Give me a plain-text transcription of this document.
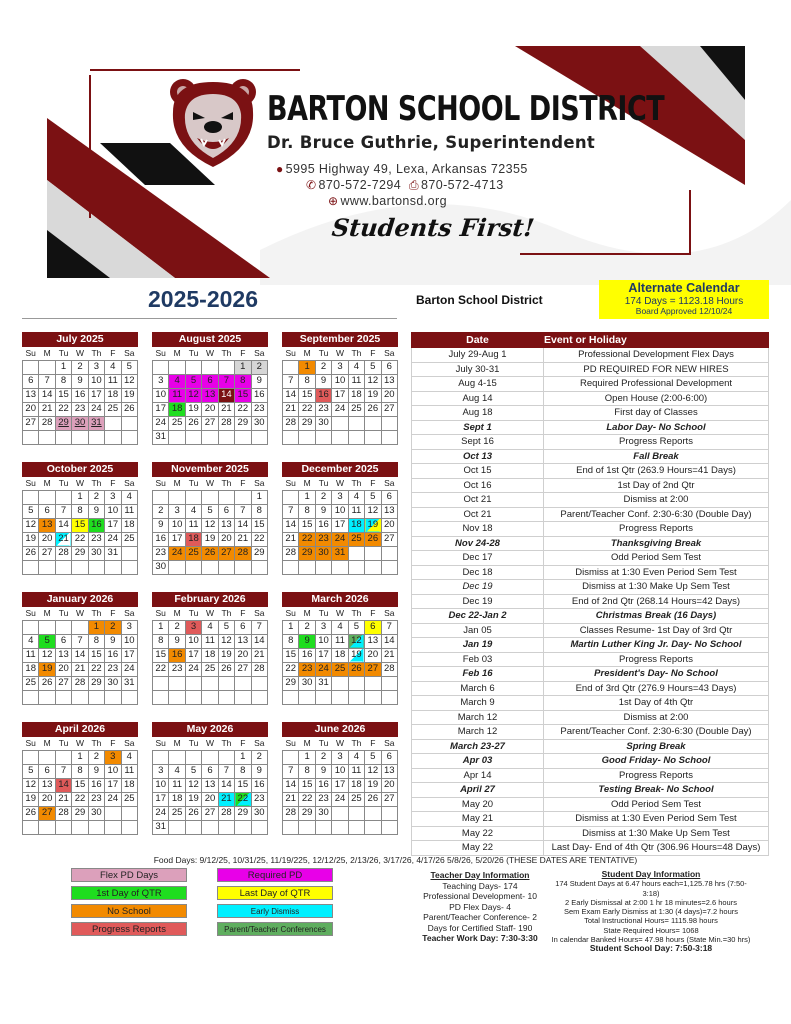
BARTON SCHOOL DISTRICT
Dr. Bruce Guthrie, Superintendent
● 5995 Highway 49, Lexa, Arkansas 72355
✆ 870-572-7294 ⎙ 870-572-4713
⊕ www.bartonsd.org
Students First!
2025-2026	Barton School District
Alternate Calendar
174 Days = 1123.18 Hours
Board Approved 12/10/24
July 2025
Su	M	Tu	W	Th	F	Sa
		1	2	3	4	5
6	7	8	9	10	11	12
13	14	15	16	17	18	19
20	21	22	23	24	25	26
27	28	29	30	31		

August 2025
Su	M	Tu	W	Th	F	Sa
					1	2
3	4	5	6	7	8	9
10	11	12	13	14	15	16
17	18	19	20	21	22	23
24	25	26	27	28	29	30
31						
September 2025
Su	M	Tu	W	Th	F	Sa
	1	2	3	4	5	6
7	8	9	10	11	12	13
14	15	16	17	18	19	20
21	22	23	24	25	26	27
28	29	30				

October 2025
Su	M	Tu	W	Th	F	Sa
			1	2	3	4
5	6	7	8	9	10	11
12	13	14	15	16	17	18
19	20	21	22	23	24	25
26	27	28	29	30	31	

November 2025
Su	M	Tu	W	Th	F	Sa
						1
2	3	4	5	6	7	8
9	10	11	12	13	14	15
16	17	18	19	20	21	22
23	24	25	26	27	28	29
30						
December 2025
Su	M	Tu	W	Th	F	Sa
	1	2	3	4	5	6
7	8	9	10	11	12	13
14	15	16	17	18	19	20
21	22	23	24	25	26	27
28	29	30	31			

January 2026
Su	M	Tu	W	Th	F	Sa
				1	2	3
4	5	6	7	8	9	10
11	12	13	14	15	16	17
18	19	20	21	22	23	24
25	26	27	28	29	30	31

February 2026
Su	M	Tu	W	Th	F	Sa
1	2	3	4	5	6	7
8	9	10	11	12	13	14
15	16	17	18	19	20	21
22	23	24	25	26	27	28

March 2026
Su	M	Tu	W	Th	F	Sa
1	2	3	4	5	6	7
8	9	10	11	12	13	14
15	16	17	18	19	20	21
22	23	24	25	26	27	28
29	30	31				

April 2026
Su	M	Tu	W	Th	F	Sa
			1	2	3	4
5	6	7	8	9	10	11
12	13	14	15	16	17	18
19	20	21	22	23	24	25
26	27	28	29	30		

May 2026
Su	M	Tu	W	Th	F	Sa
					1	2
3	4	5	6	7	8	9
10	11	12	13	14	15	16
17	18	19	20	21	22	23
24	25	26	27	28	29	30
31						
June 2026
Su	M	Tu	W	Th	F	Sa
	1	2	3	4	5	6
7	8	9	10	11	12	13
14	15	16	17	18	19	20
21	22	23	24	25	26	27
28	29	30				

Date	Event or Holiday
July 29-Aug 1	Professional Development Flex Days
July 30-31	PD REQUIRED FOR NEW HIRES
Aug 4-15	Required Professional Development
Aug 14	Open House (2:00-6:00)
Aug 18	First day of Classes
Sept 1	Labor Day- No School
Sept 16	Progress Reports
Oct 13	Fall Break
Oct 15	End of 1st Qtr (263.9 Hours=41 Days)
Oct 16	1st Day of 2nd Qtr
Oct 21	Dismiss at 2:00
Oct 21	Parent/Teacher Conf. 2:30-6:30 (Double Day)
Nov 18	Progress Reports
Nov 24-28	Thanksgiving Break
Dec 17	Odd Period Sem Test
Dec 18	Dismiss at 1:30 Even Period Sem Test
Dec 19	Dismiss at 1:30 Make Up Sem Test
Dec 19	End of 2nd Qtr (268.14 Hours=42 Days)
Dec 22-Jan 2	Christmas Break (16 Days)
Jan 05	Classes Resume- 1st Day of 3rd Qtr
Jan 19	Martin Luther King Jr. Day- No School
Feb 03	Progress Reports
Feb 16	President's Day- No School
March 6	End of 3rd Qtr (276.9 Hours=43 Days)
March 9	1st Day of 4th Qtr
March 12	Dismiss at 2:00
March 12	Parent/Teacher Conf. 2:30-6:30 (Double Day)
March 23-27	Spring Break
Apr 03	Good Friday- No School
Apr 14	Progress Reports
April 27	Testing Break- No School
May 20	Odd Period Sem Test
May 21	Dismiss at 1:30 Even Period Sem Test
May 22	Dismiss at 1:30 Make Up Sem Test
May 22	Last Day- End of 4th Qtr (306.96 Hours=48 Days)
Food Days: 9/12/25, 10/31/25, 11/19/225, 12/12/25, 2/13/26, 3/17/26, 4/17/26 5/8/26, 5/20/26 (THESE DATES ARE TENTATIVE)
Flex PD Days
1st Day of QTR
No School
Progress Reports
Required PD
Last Day of QTR
Early Dismiss
Parent/Teacher Conferences
Teacher Day Information
Teaching Days- 174
Professional Development- 10
PD Flex Days- 4
Parent/Teacher Conference- 2
Days for Certified Staff- 190
Teacher Work Day: 7:30-3:30
Student Day Information
174 Student Days at 6.47 hours each=1,125.78 hrs (7:50-3:18)
2 Early Dismissal at 2:00 1 hr 18 minutes=2.6 hours
Sem Exam Early Dismiss at 1:30 (4 days)=7.2 hours
Total Instructional Hours= 1115.98 hours
State Required Hours= 1068
In calendar Banked Hours= 47.98 hours (State Min.=30 hrs)
Student School Day: 7:50-3:18
